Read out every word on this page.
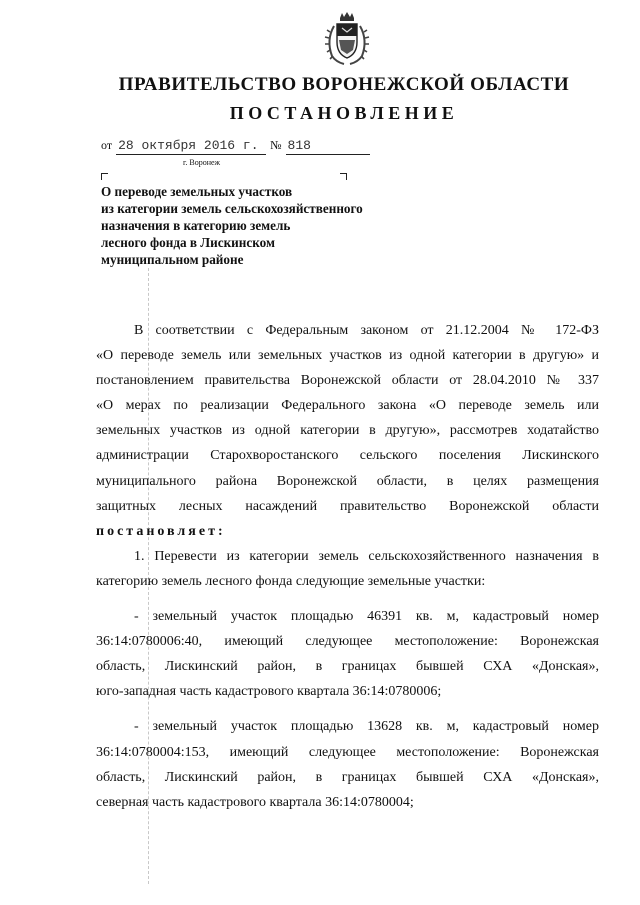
ПРАВИТЕЛЬСТВО ВОРОНЕЖСКОЙ ОБЛАСТИ
ПОСТАНОВЛЕНИЕ
от 28 октября 2016 г. № 818
г. Воронеж
О переводе земельных участков
из категории земель сельскохозяйственного
назначения в категорию земель
лесного фонда в Лискинском
муниципальном районе
В соответствии с Федеральным законом от 21.12.2004 № 172-ФЗ
«О переводе земель или земельных участков из одной категории в другую» и
постановлением правительства Воронежской области от 28.04.2010 № 337
«О мерах по реализации Федерального закона «О переводе земель или
земельных участков из одной категории в другую», рассмотрев ходатайство
администрации Старохворостанского сельского поселения Лискинского
муниципального района Воронежской области, в целях размещения
защитных лесных насаждений правительство Воронежской области
постановляет:
1. Перевести из категории земель сельскохозяйственного назначения в
категорию земель лесного фонда следующие земельные участки:
- земельный участок площадью 46391 кв. м, кадастровый номер
36:14:0780006:40, имеющий следующее местоположение: Воронежская
область, Лискинский район, в границах бывшей СХА «Донская»,
юго-западная часть кадастрового квартала 36:14:0780006;
- земельный участок площадью 13628 кв. м, кадастровый номер
36:14:0780004:153, имеющий следующее местоположение: Воронежская
область, Лискинский район, в границах бывшей СХА «Донская»,
северная часть кадастрового квартала 36:14:0780004;
